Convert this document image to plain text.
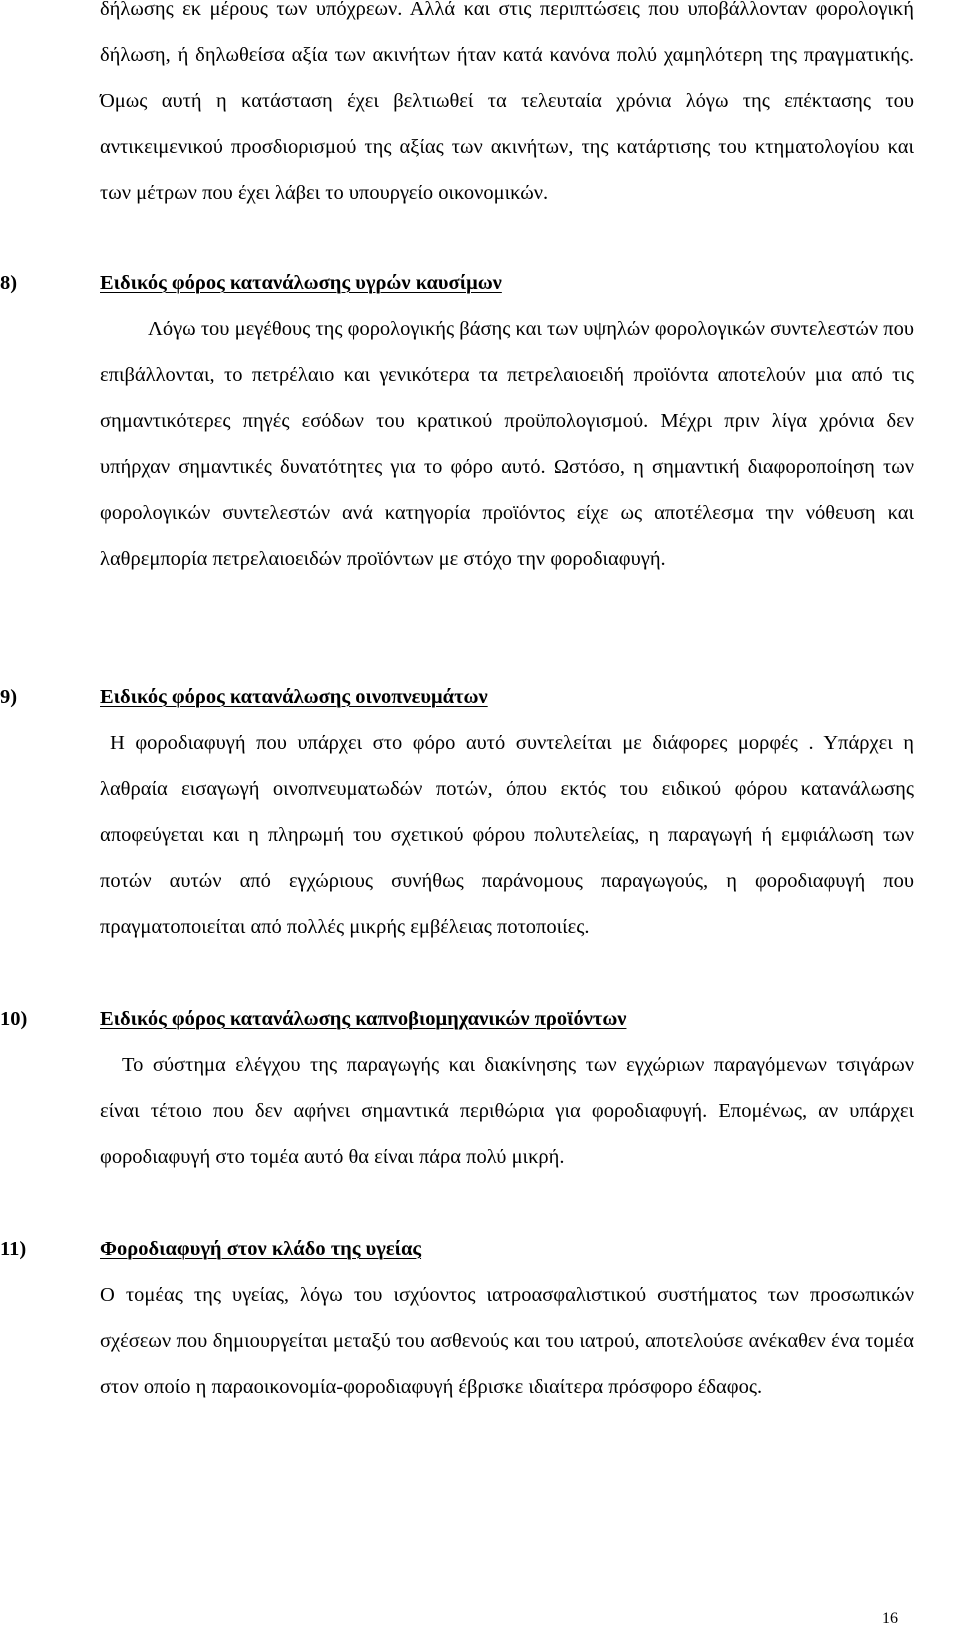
δήλωσης εκ μέρους των υπόχρεων. Αλλά και στις περιπτώσεις που υποβάλλονταν φορολογική δήλωση, ή δηλωθείσα αξία των ακινήτων ήταν κατά κανόνα πολύ χαμηλότερη της πραγματικής. Όμως αυτή η κατάσταση έχει βελτιωθεί τα τελευταία χρόνια λόγω της επέκτασης του αντικειμενικού προσδιορισμού της αξίας των ακινήτων, της κατάρτισης του κτηματολογίου και των μέτρων που έχει λάβει το υπουργείο οικονομικών.

8)	Ειδικός φόρος κατανάλωσης υγρών καυσίμων

Λόγω του μεγέθους της φορολογικής βάσης και των υψηλών φορολογικών συντελεστών που επιβάλλονται, το πετρέλαιο και γενικότερα τα πετρελαιοειδή προϊόντα αποτελούν μια από τις σημαντικότερες πηγές εσόδων του κρατικού προϋπολογισμού. Μέχρι πριν λίγα χρόνια δεν υπήρχαν σημαντικές δυνατότητες για το φόρο αυτό. Ωστόσο, η σημαντική διαφοροποίηση των φορολογικών συντελεστών ανά κατηγορία προϊόντος είχε ως αποτέλεσμα την νόθευση και λαθρεμπορία πετρελαιοειδών προϊόντων με στόχο την φοροδιαφυγή.

9)	Ειδικός φόρος κατανάλωσης οινοπνευμάτων

Η φοροδιαφυγή που υπάρχει στο φόρο αυτό συντελείται με διάφορες μορφές . Υπάρχει η λαθραία εισαγωγή οινοπνευματωδών ποτών, όπου εκτός του ειδικού φόρου κατανάλωσης αποφεύγεται και η πληρωμή του σχετικού φόρου πολυτελείας, η παραγωγή ή εμφιάλωση των ποτών αυτών από εγχώριους συνήθως παράνομους παραγωγούς, η φοροδιαφυγή που πραγματοποιείται από πολλές μικρής εμβέλειας ποτοποιίες.

10)	Ειδικός φόρος κατανάλωσης καπνοβιομηχανικών προϊόντων

Το σύστημα ελέγχου της παραγωγής και διακίνησης των εγχώριων παραγόμενων τσιγάρων είναι τέτοιο που δεν αφήνει σημαντικά περιθώρια για φοροδιαφυγή. Επομένως, αν υπάρχει φοροδιαφυγή στο τομέα αυτό θα είναι πάρα πολύ μικρή.

11)	Φοροδιαφυγή στον κλάδο της υγείας

Ο τομέας της υγείας, λόγω του ισχύοντος ιατροασφαλιστικού συστήματος των προσωπικών σχέσεων που δημιουργείται μεταξύ του ασθενούς και του ιατρού, αποτελούσε ανέκαθεν ένα τομέα στον οποίο η παραοικονομία-φοροδιαφυγή έβρισκε ιδιαίτερα πρόσφορο έδαφος.

16
